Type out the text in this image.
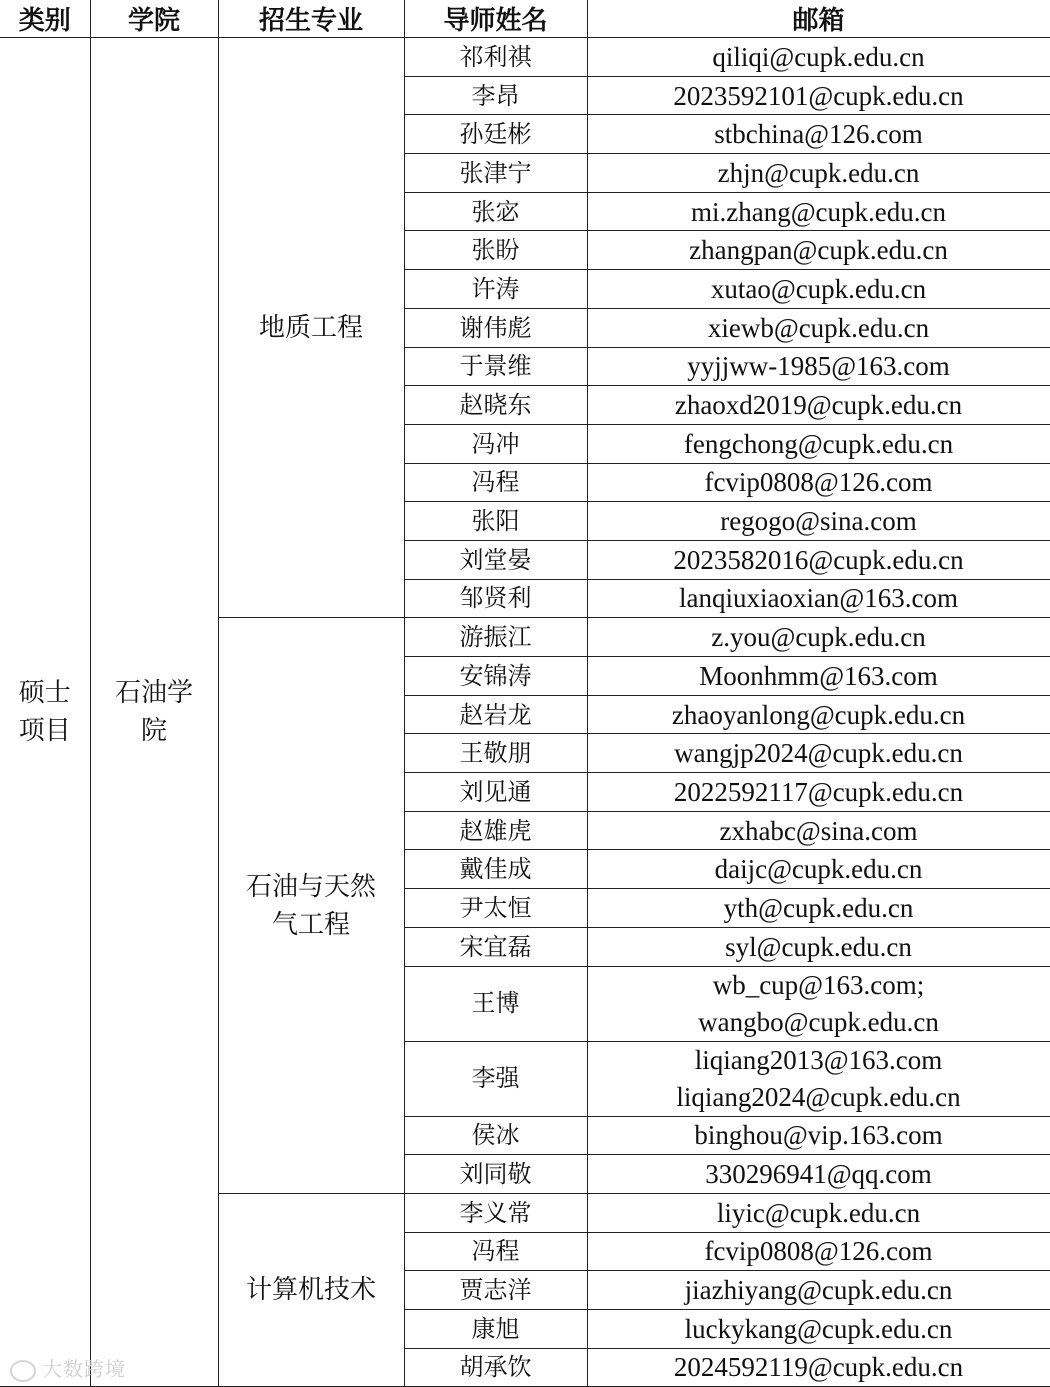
类别	学院	招生专业	导师姓名	邮箱
硕士项目	石油学院	地质工程	祁利祺	qiliqi@cupk.edu.cn

			李昂	2023592101@cupk.edu.cn

			孙廷彬	stbchina@126.com

			张津宁	zhjn@cupk.edu.cn

			张宓	mi.zhang@cupk.edu.cn

			张盼	zhangpan@cupk.edu.cn

			许涛	xutao@cupk.edu.cn

			谢伟彪	xiewb@cupk.edu.cn

			于景维	yyjjww-1985@163.com

			赵晓东	zhaoxd2019@cupk.edu.cn

			冯冲	fengchong@cupk.edu.cn

			冯程	fcvip0808@126.com

			张阳	regogo@sina.com

			刘堂晏	2023582016@cupk.edu.cn

			邹贤利	lanqiuxiaoxian@163.com

		石油与天然气工程	游振江	z.you@cupk.edu.cn

			安锦涛	Moonhmm@163.com

			赵岩龙	zhaoyanlong@cupk.edu.cn

			王敬朋	wangjp2024@cupk.edu.cn

			刘见通	2022592117@cupk.edu.cn

			赵雄虎	zxhabc@sina.com

			戴佳成	daijc@cupk.edu.cn

			尹太恒	yth@cupk.edu.cn

			宋宜磊	syl@cupk.edu.cn

			王博	wb_cup@163.com;
wangbo@cupk.edu.cn

			李强	liqiang2013@163.com
liqiang2024@cupk.edu.cn

			侯冰	binghou@vip.163.com

			刘同敬	330296941@qq.com

		计算机技术	李义常	liyic@cupk.edu.cn

			冯程	fcvip0808@126.com

			贾志洋	jiazhiyang@cupk.edu.cn

			康旭	luckykang@cupk.edu.cn

			胡承饮	2024592119@cupk.edu.cn
大数跨境
